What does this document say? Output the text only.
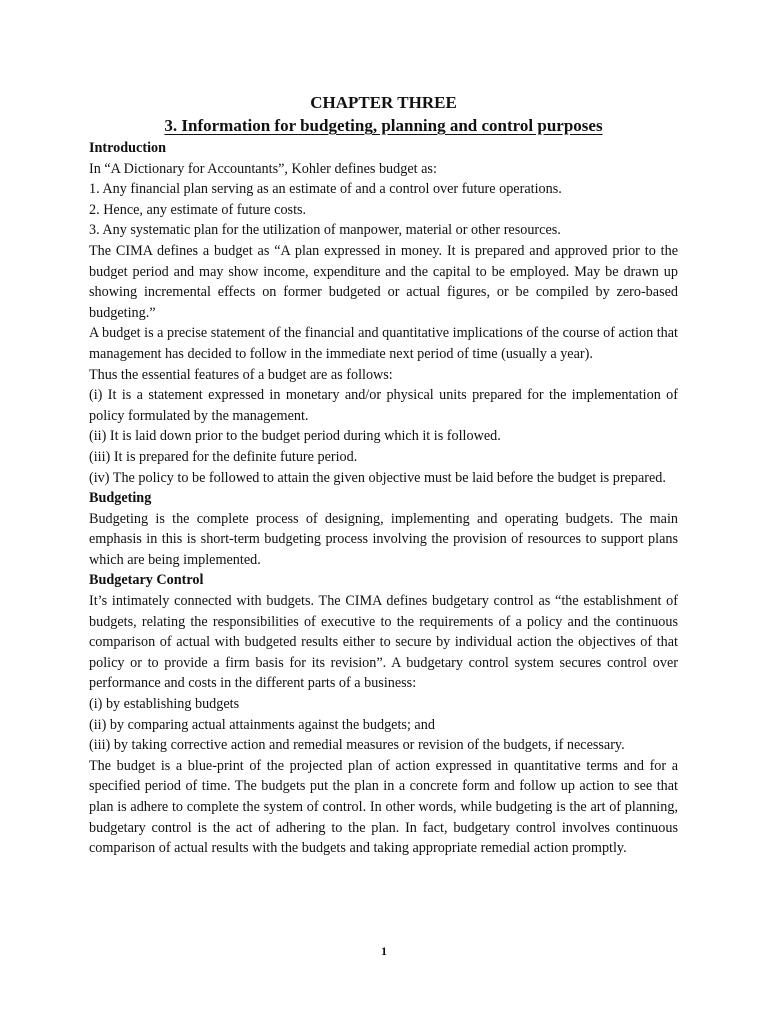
CHAPTER THREE

3. Information for budgeting, planning and control purposes

Introduction

In “A Dictionary for Accountants”, Kohler defines budget as:

1. Any financial plan serving as an estimate of and a control over future operations.

2. Hence, any estimate of future costs.

3. Any systematic plan for the utilization of manpower, material or other resources.

The CIMA defines a budget as “A plan expressed in money. It is prepared and approved prior to the budget period and may show income, expenditure and the capital to be employed. May be drawn up showing incremental effects on former budgeted or actual figures, or be compiled by zero-based budgeting.”

A budget is a precise statement of the financial and quantitative implications of the course of action that management has decided to follow in the immediate next period of time (usually a year).

Thus the essential features of a budget are as follows:

(i) It is a statement expressed in monetary and/or physical units prepared for the implementation of policy formulated by the management.

(ii) It is laid down prior to the budget period during which it is followed.

(iii) It is prepared for the definite future period.

(iv) The policy to be followed to attain the given objective must be laid before the budget is prepared.

Budgeting

Budgeting is the complete process of designing, implementing and operating budgets. The main emphasis in this is short-term budgeting process involving the provision of resources to support plans which are being implemented.

Budgetary Control

It’s intimately connected with budgets. The CIMA defines budgetary control as “the establishment of budgets, relating the responsibilities of executive to the requirements of a policy and the continuous comparison of actual with budgeted results either to secure by individual action the objectives of that policy or to provide a firm basis for its revision”. A budgetary control system secures control over performance and costs in the different parts of a business:

(i) by establishing budgets

(ii) by comparing actual attainments against the budgets; and

(iii) by taking corrective action and remedial measures or revision of the budgets, if necessary.

The budget is a blue-print of the projected plan of action expressed in quantitative terms and for a specified period of time. The budgets put the plan in a concrete form and follow up action to see that plan is adhere to complete the system of control. In other words, while budgeting is the art of planning, budgetary control is the act of adhering to the plan. In fact, budgetary control involves continuous comparison of actual results with the budgets and taking appropriate remedial action promptly.

1
